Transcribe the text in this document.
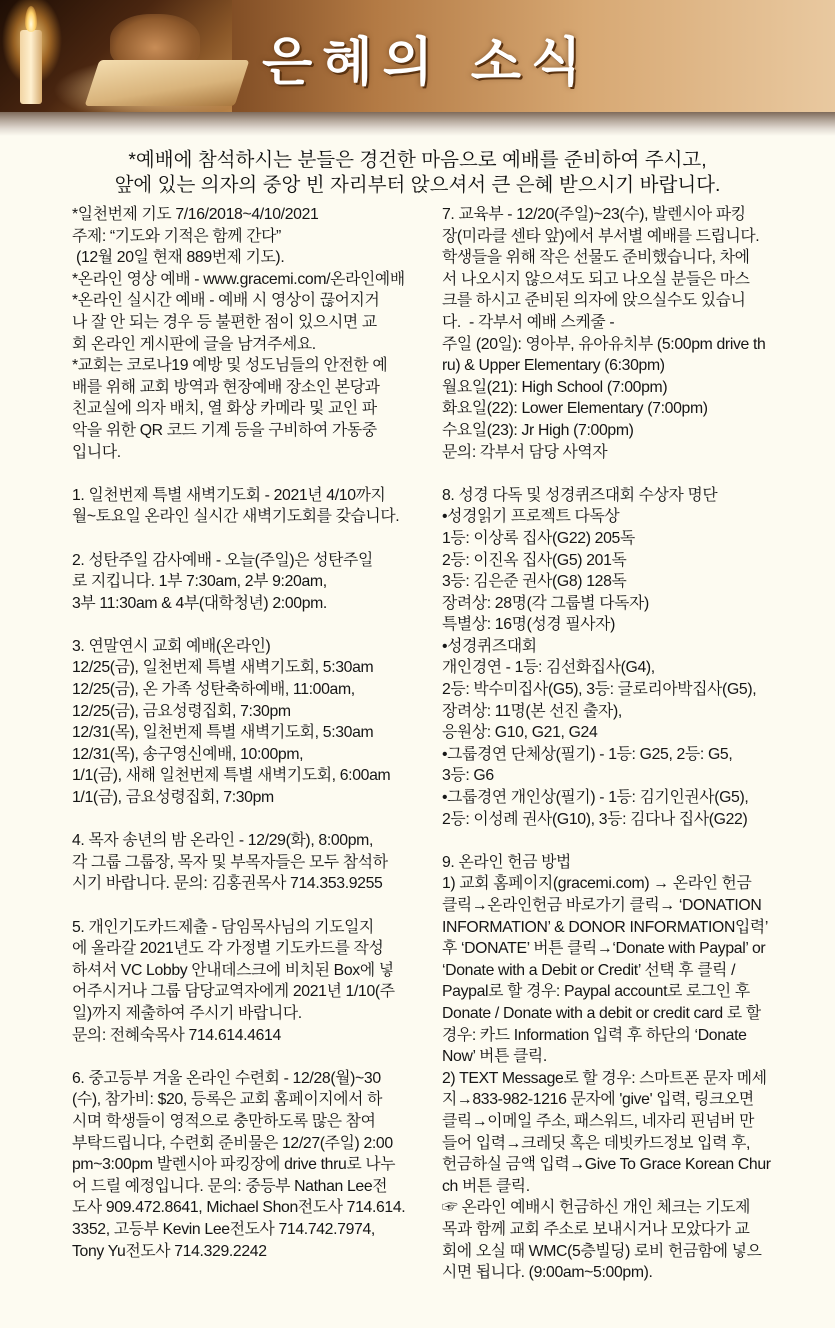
은혜의 소식
*예배에 참석하시는 분들은 경건한 마음으로 예배를 준비하여 주시고,
앞에 있는 의자의 중앙 빈 자리부터 앉으셔서 큰 은혜 받으시기 바랍니다.
*일천번제 기도 7/16/2018~4/10/2021
주제: “기도와 기적은 함께 간다”
(12월 20일 현재 889번제 기도).
*온라인 영상 예배 - www.gracemi.com/온라인예배
*온라인 실시간 예배 - 예배 시 영상이 끊어지거
나 잘 안 되는 경우 등 불편한 점이 있으시면 교
회 온라인 게시판에 글을 남겨주세요.
*교회는 코로나19 예방 및 성도님들의 안전한 예
배를 위해 교회 방역과 현장예배 장소인 본당과
친교실에 의자 배치, 열 화상 카메라 및 교인 파
악을 위한 QR 코드 기계 등을 구비하여 가동중
입니다.
1. 일천번제 특별 새벽기도회 - 2021년 4/10까지
월~토요일 온라인 실시간 새벽기도회를 갖습니다.
2. 성탄주일 감사예배 - 오늘(주일)은 성탄주일
로 지킵니다. 1부 7:30am, 2부 9:20am,
3부 11:30am & 4부(대학청년) 2:00pm.
3. 연말연시 교회 예배(온라인)
12/25(금), 일천번제 특별 새벽기도회, 5:30am
12/25(금), 온 가족 성탄축하예배, 11:00am,
12/25(금), 금요성령집회, 7:30pm
12/31(목), 일천번제 특별 새벽기도회, 5:30am
12/31(목), 송구영신예배, 10:00pm,
1/1(금), 새해 일천번제 특별 새벽기도회, 6:00am
1/1(금), 금요성령집회, 7:30pm
4. 목자 송년의 밤 온라인 - 12/29(화), 8:00pm,
각 그룹 그룹장, 목자 및 부목자들은 모두 참석하
시기 바랍니다. 문의: 김홍권목사 714.353.9255
5. 개인기도카드제출 - 담임목사님의 기도일지
에 올라갈 2021년도 각 가정별 기도카드를 작성
하셔서 VC Lobby 안내데스크에 비치된 Box에 넣
어주시거나 그룹 담당교역자에게 2021년 1/10(주
일)까지 제출하여 주시기 바랍니다.
문의: 전혜숙목사 714.614.4614
6. 중고등부 겨울 온라인 수련회 - 12/28(월)~30
(수), 참가비: $20, 등록은 교회 홈페이지에서 하
시며 학생들이 영적으로 충만하도록 많은 참여
부탁드립니다, 수련회 준비물은 12/27(주일) 2:00
pm~3:00pm 발렌시아 파킹장에 drive thru로 나누
어 드릴 예정입니다. 문의: 중등부 Nathan Lee전
도사 909.472.8641, Michael Shon전도사 714.614.
3352, 고등부 Kevin Lee전도사 714.742.7974,
Tony Yu전도사 714.329.2242
7. 교육부 - 12/20(주일)~23(수), 발렌시아 파킹
장(미라클 센타 앞)에서 부서별 예배를 드립니다.
학생들을 위해 작은 선물도 준비했습니다, 차에
서 나오시지 않으셔도 되고 나오실 분들은 마스
크를 하시고 준비된 의자에 앉으실수도 있습니
다.  - 각부서 예배 스케줄 -
주일 (20일): 영아부, 유아유치부 (5:00pm drive th
ru) & Upper Elementary (6:30pm)
월요일(21): High School (7:00pm)
화요일(22): Lower Elementary (7:00pm)
수요일(23): Jr High (7:00pm)
문의: 각부서 담당 사역자
8. 성경 다독 및 성경퀴즈대회 수상자 명단
•성경읽기 프로젝트 다독상
1등: 이상록 집사(G22) 205독
2등: 이진옥 집사(G5) 201독
3등: 김은준 권사(G8) 128독
장려상: 28명(각 그룹별 다독자)
특별상: 16명(성경 필사자)
•성경퀴즈대회
개인경연 - 1등: 김선화집사(G4),
2등: 박수미집사(G5), 3등: 글로리아박집사(G5),
장려상: 11명(본 선진 출자),
응원상: G10, G21, G24
•그룹경연 단체상(필기) - 1등: G25, 2등: G5,
3등: G6
•그룹경연 개인상(필기) - 1등: 김기인권사(G5),
2등: 이성례 권사(G10), 3등: 김다나 집사(G22)
9. 온라인 헌금 방법
1) 교회 홈페이지(gracemi.com) → 온라인 헌금
클릭→온라인헌금 바로가기 클릭→ ‘DONATION
INFORMATION’ & DONOR INFORMATION입력’
후 ‘DONATE’ 버튼 클릭→‘Donate with Paypal’ or
‘Donate with a Debit or Credit’ 선택 후 클릭 /
Paypal로 할 경우: Paypal account로 로그인 후
Donate / Donate with a debit or credit card 로 할
경우: 카드 Information 입력 후 하단의 ‘Donate
Now’ 버튼 클릭.
2) TEXT Message로 할 경우: 스마트폰 문자 메세
지→833-982-1216 문자에 'give' 입력, 링크오면
클릭→이메일 주소, 패스워드, 네자리 핀넘버 만
들어 입력→크레딧 혹은 데빗카드정보 입력 후,
헌금하실 금액 입력→Give To Grace Korean Chur
ch 버튼 클릭.
☞ 온라인 예배시 헌금하신 개인 체크는 기도제
목과 함께 교회 주소로 보내시거나 모았다가 교
회에 오실 때 WMC(5층빌딩) 로비 헌금함에 넣으
시면 됩니다. (9:00am~5:00pm).
